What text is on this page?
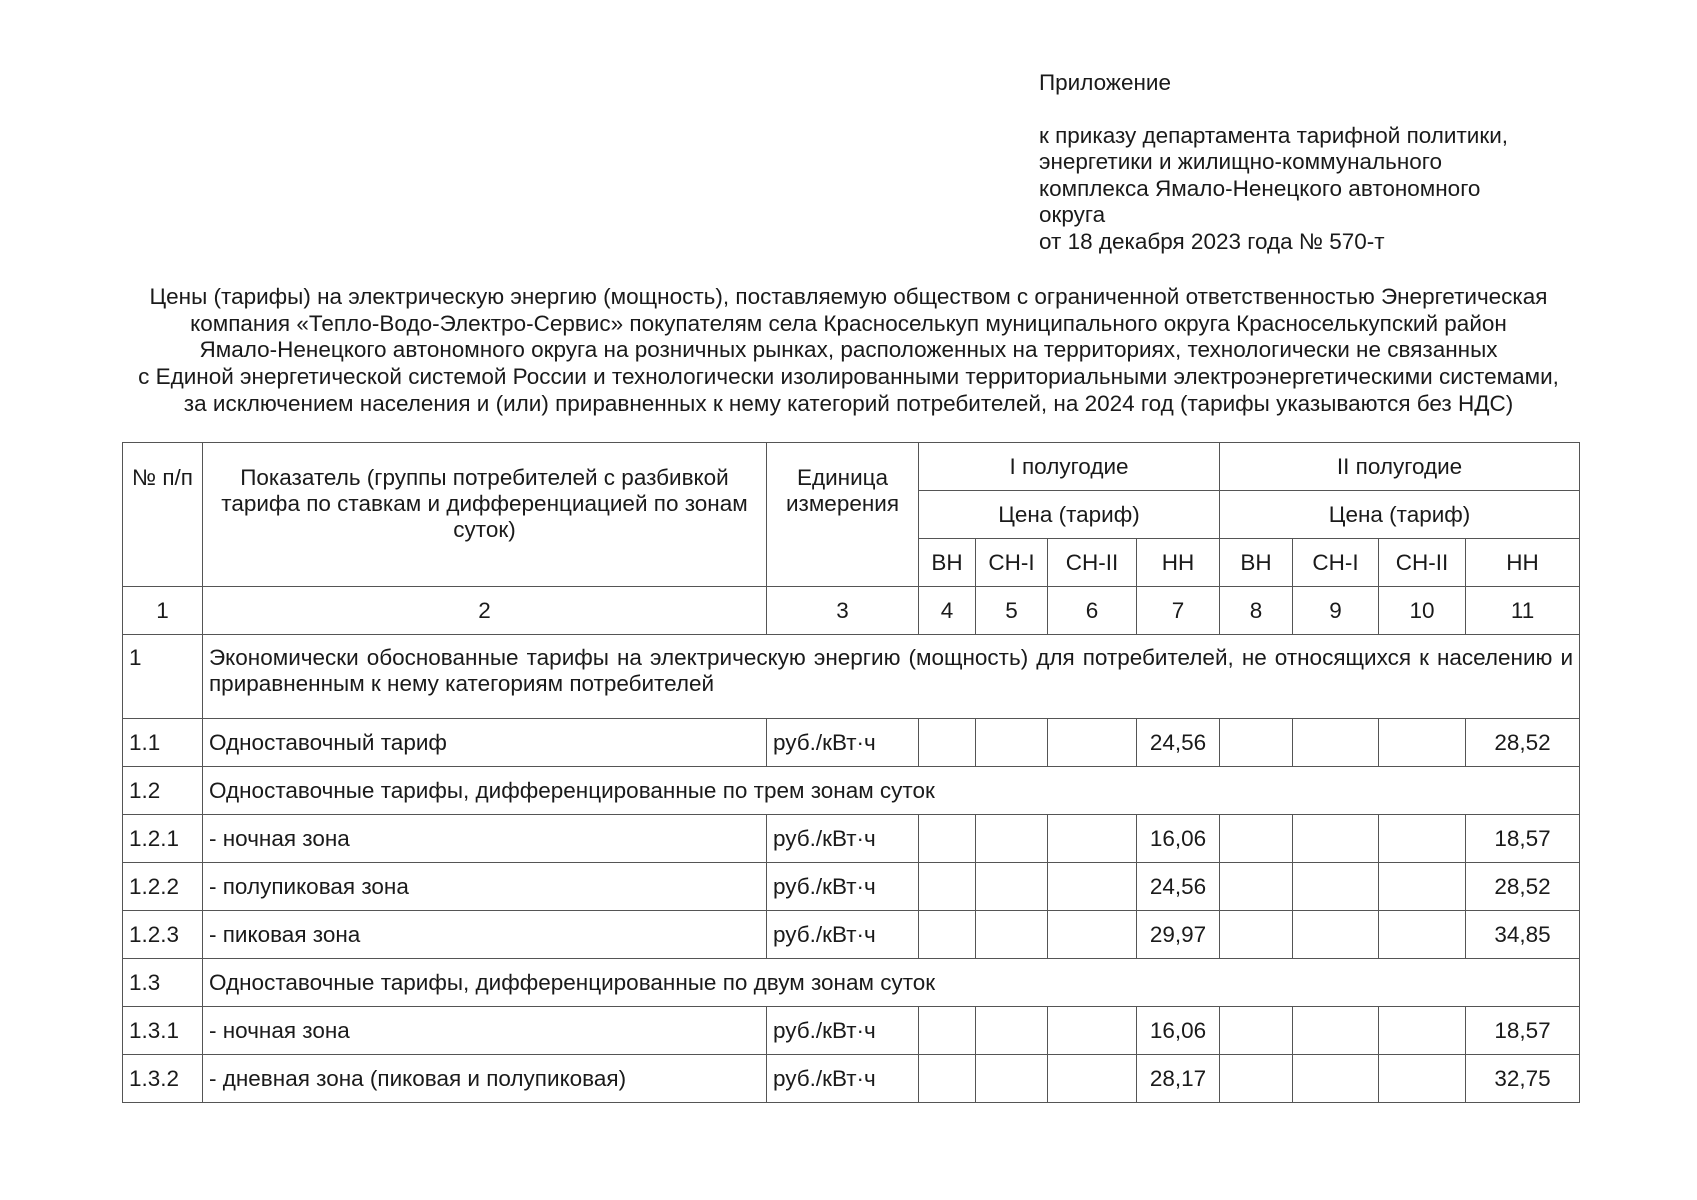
Приложение
к приказу департамента тарифной политики,
энергетики и жилищно-коммунального
комплекса Ямало-Ненецкого автономного
округа
от 18 декабря 2023 года № 570-т
Цены (тарифы) на электрическую энергию (мощность), поставляемую обществом с ограниченной ответственностью Энергетическая
компания «Тепло-Водо-Электро-Сервис» покупателям села Красноселькуп муниципального округа Красноселькупский район
Ямало-Ненецкого автономного округа на розничных рынках, расположенных на территориях, технологически не связанных
с Единой энергетической системой России и технологически изолированными территориальными электроэнергетическими системами,
за исключением населения и (или) приравненных к нему категорий потребителей, на 2024 год (тарифы указываются без НДС)
№ п/п	Показатель (группы потребителей с разбивкой тарифа по ставкам и дифференциацией по зонам суток)	Единица измерения	I полугодие				II полугодие			
			Цена (тариф)				Цена (тариф)			
			ВН	СН-I	СН-II	НН	ВН	СН-I	СН-II	НН
1	2	3	4	5	6	7	8	9	10	11
1	Экономически обоснованные тарифы на электрическую энергию (мощность) для потребителей, не относящихся к населению и приравненным к нему категориям потребителей									
1.1	Одноставочный тариф	руб./кВт·ч				24,56				28,52
1.2	Одноставочные тарифы, дифференцированные по трем зонам суток									
1.2.1	- ночная зона	руб./кВт·ч				16,06				18,57
1.2.2	- полупиковая зона	руб./кВт·ч				24,56				28,52
1.2.3	- пиковая зона	руб./кВт·ч				29,97				34,85
1.3	Одноставочные тарифы, дифференцированные по двум зонам суток									
1.3.1	- ночная зона	руб./кВт·ч				16,06				18,57
1.3.2	- дневная зона (пиковая и полупиковая)	руб./кВт·ч				28,17				32,75
